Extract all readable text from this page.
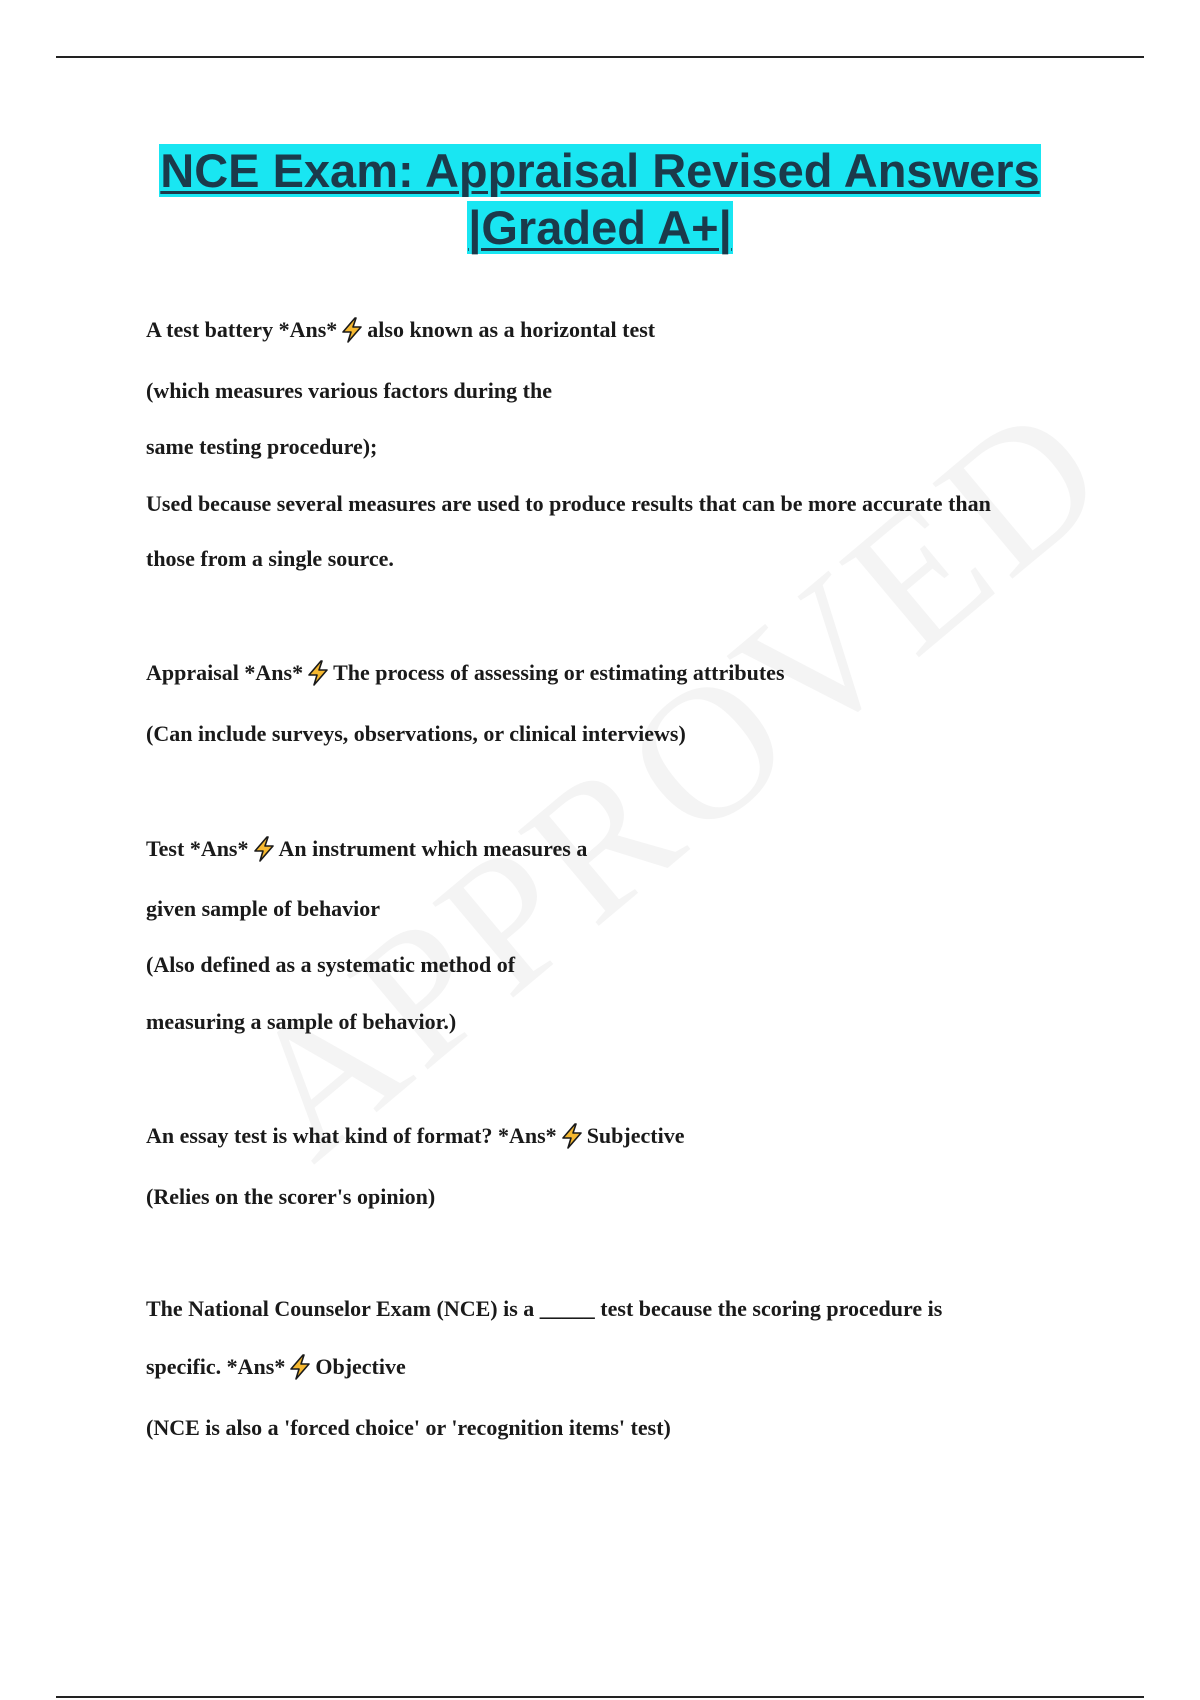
NCE Exam: Appraisal Revised Answers
|Graded A+|

A test battery *Ans* also known as a horizontal test

(which measures various factors during the

same testing procedure);

Used because several measures are used to produce results that can be more accurate than

those from a single source.

Appraisal *Ans* The process of assessing or estimating attributes

(Can include surveys, observations, or clinical interviews)

Test *Ans* An instrument which measures a

given sample of behavior

(Also defined as a systematic method of

measuring a sample of behavior.)

An essay test is what kind of format? *Ans* Subjective

(Relies on the scorer's opinion)

The National Counselor Exam (NCE) is a _____ test because the scoring procedure is

specific. *Ans* Objective

(NCE is also a 'forced choice' or 'recognition items' test)
